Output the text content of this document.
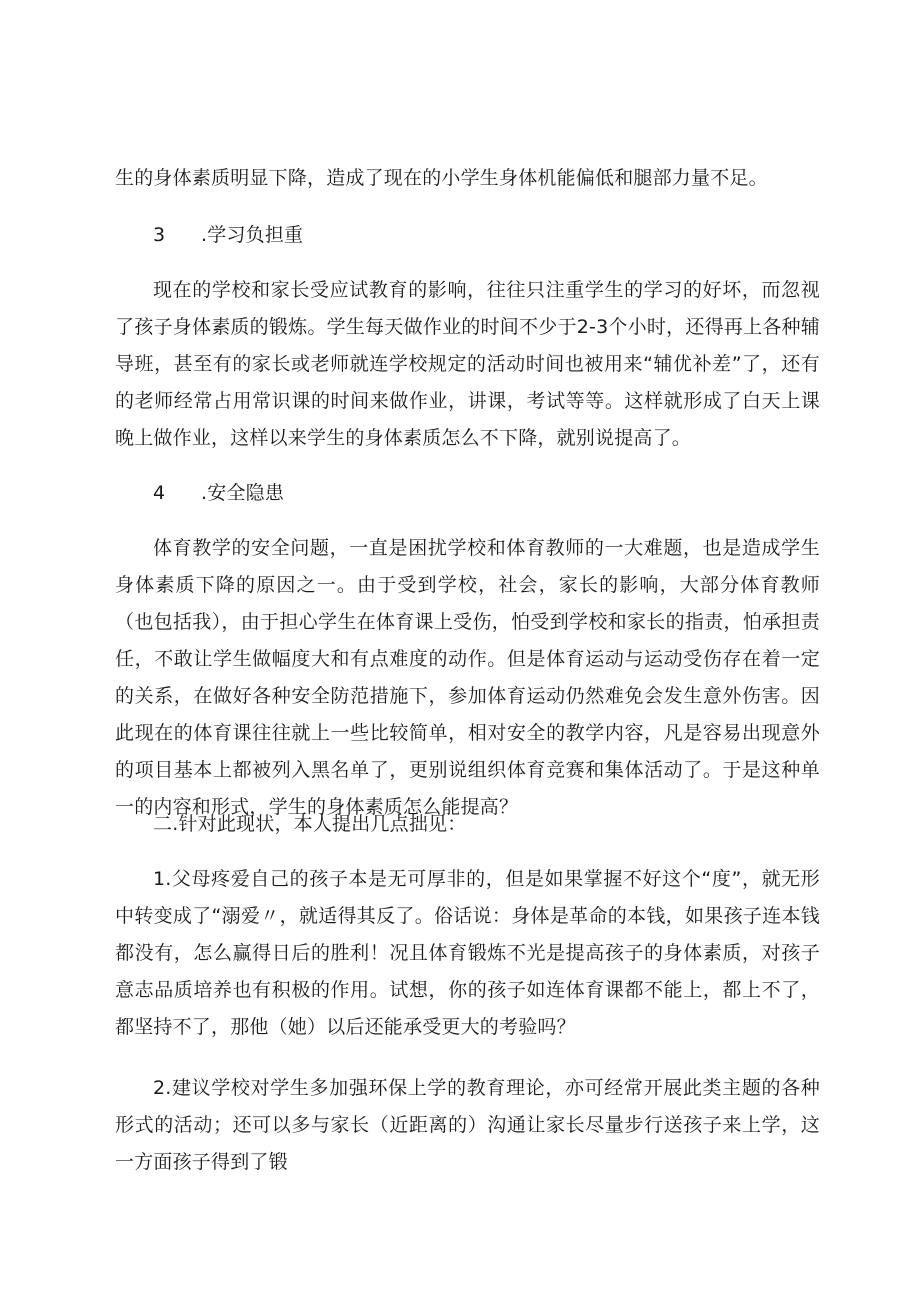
生的身体素质明显下降，造成了现在的小学生身体机能偏低和腿部力量不足。

3 .学习负担重

现在的学校和家长受应试教育的影响，往往只注重学生的学习的好坏，而忽视了孩子身体素质的锻炼。学生每天做作业的时间不少于2-3个小时，还得再上各种辅导班，甚至有的家长或老师就连学校规定的活动时间也被用来“辅优补差”了，还有的老师经常占用常识课的时间来做作业，讲课，考试等等。这样就形成了白天上课晚上做作业，这样以来学生的身体素质怎么不下降，就别说提高了。

4 .安全隐患

体育教学的安全问题，一直是困扰学校和体育教师的一大难题，也是造成学生身体素质下降的原因之一。由于受到学校，社会，家长的影响，大部分体育教师（也包括我），由于担心学生在体育课上受伤，怕受到学校和家长的指责，怕承担责任，不敢让学生做幅度大和有点难度的动作。但是体育运动与运动受伤存在着一定的关系，在做好各种安全防范措施下，参加体育运动仍然难免会发生意外伤害。因此现在的体育课往往就上一些比较简单，相对安全的教学内容，凡是容易出现意外的项目基本上都被列入黑名单了，更别说组织体育竞赛和集体活动了。于是这种单一的内容和形式，学生的身体素质怎么能提高？

二.针对此现状，本人提出几点拙见：

1.父母疼爱自己的孩子本是无可厚非的，但是如果掌握不好这个“度”，就无形中转变成了“溺爱〃，就适得其反了。俗话说：身体是革命的本钱，如果孩子连本钱都没有，怎么赢得日后的胜利！况且体育锻炼不光是提高孩子的身体素质，对孩子意志品质培养也有积极的作用。试想，你的孩子如连体育课都不能上，都上不了，都坚持不了，那他（她）以后还能承受更大的考验吗？

2.建议学校对学生多加强环保上学的教育理论，亦可经常开展此类主题的各种形式的活动；还可以多与家长（近距离的）沟通让家长尽量步行送孩子来上学，这一方面孩子得到了锻
